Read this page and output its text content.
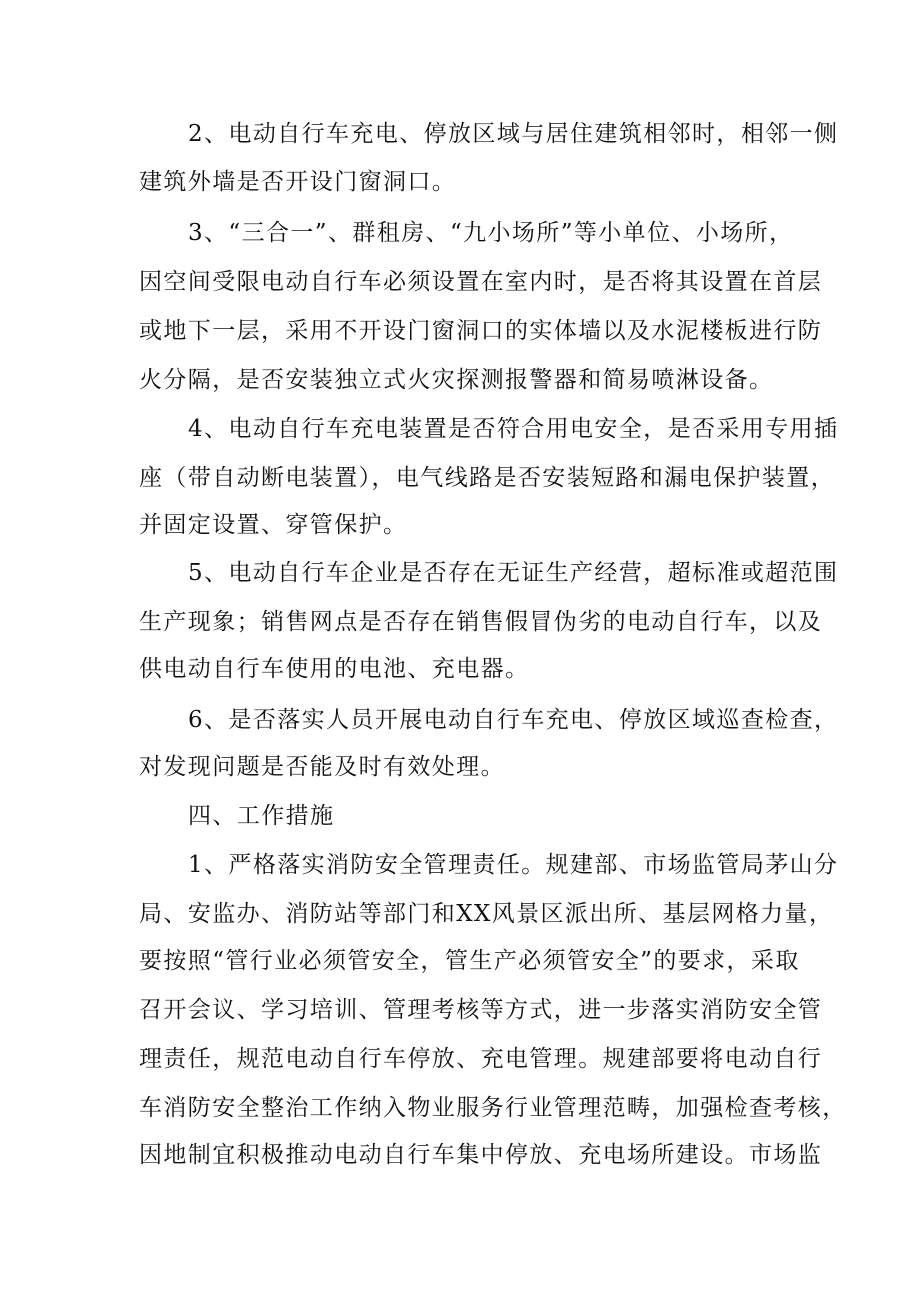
2、电动自行车充电、停放区域与居住建筑相邻时，相邻一侧
建筑外墙是否开设门窗洞口。
3、“三合一”、群租房、“九小场所”等小单位、小场所，
因空间受限电动自行车必须设置在室内时，是否将其设置在首层
或地下一层，采用不开设门窗洞口的实体墙以及水泥楼板进行防
火分隔，是否安装独立式火灾探测报警器和简易喷淋设备。
4、电动自行车充电装置是否符合用电安全，是否采用专用插
座（带自动断电装置），电气线路是否安装短路和漏电保护装置，
并固定设置、穿管保护。
5、电动自行车企业是否存在无证生产经营，超标准或超范围
生产现象；销售网点是否存在销售假冒伪劣的电动自行车，以及
供电动自行车使用的电池、充电器。
6、是否落实人员开展电动自行车充电、停放区域巡查检查，
对发现问题是否能及时有效处理。
四、工作措施
1、严格落实消防安全管理责任。规建部、市场监管局茅山分
局、安监办、消防站等部门和XX风景区派出所、基层网格力量，
要按照“管行业必须管安全，管生产必须管安全”的要求，采取
召开会议、学习培训、管理考核等方式，进一步落实消防安全管
理责任，规范电动自行车停放、充电管理。规建部要将电动自行
车消防安全整治工作纳入物业服务行业管理范畴，加强检查考核，
因地制宜积极推动电动自行车集中停放、充电场所建设。市场监
